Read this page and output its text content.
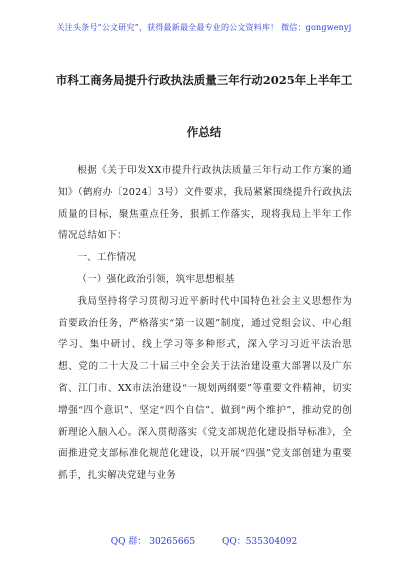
关注头条号“公文研究”，获得最新最全最专业的公文资料库！ 微信：gongwenyj
市科工商务局提升行政执法质量三年行动2025年上半年工
作总结

根据《关于印发XX市提升行政执法质量三年行动工作方案的通知》（鹤府办〔2024〕3号）文件要求，我局紧紧围绕提升行政执法质量的目标，聚焦重点任务，狠抓工作落实，现将我局上半年工作情况总结如下：

一、工作情况

（一）强化政治引领，筑牢思想根基

我局坚持将学习贯彻习近平新时代中国特色社会主义思想作为首要政治任务，严格落实“第一议题”制度，通过党组会议、中心组学习、集中研讨、线上学习等多种形式，深入学习习近平法治思想、党的二十大及二十届三中全会关于法治建设重大部署以及广东省、江门市、XX市法治建设“一规划两纲要”等重要文件精神，切实增强“四个意识”、坚定“四个自信”、做到“两个维护”，推动党的创新理论入脑入心。深入贯彻落实《党支部规范化建设指导标准》，全面推进党支部标准化规范化建设，以开展“四强”党支部创建为重要抓手，扎实解决党建与业务

QQ 群： 30265665	QQ：535304092
